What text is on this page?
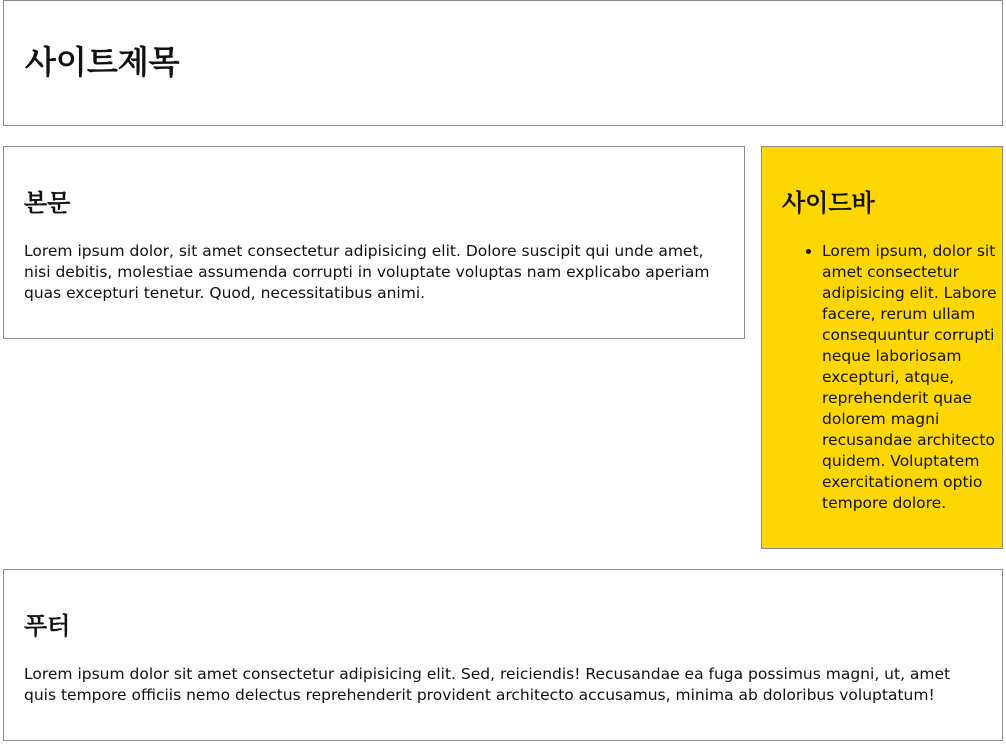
사이트제목
본문

Lorem ipsum dolor, sit amet consectetur adipisicing elit. Dolore suscipit qui unde amet, nisi debitis, molestiae assumenda corrupti in voluptate voluptas nam explicabo aperiam quas excepturi tenetur. Quod, necessitatibus animi.

사이드바
• Lorem ipsum, dolor sit amet consectetur adipisicing elit. Labore facere, rerum ullam consequuntur corrupti neque laboriosam excepturi, atque, reprehenderit quae dolorem magni recusandae architecto quidem. Voluptatem exercitationem optio tempore dolore.
푸터

Lorem ipsum dolor sit amet consectetur adipisicing elit. Sed, reiciendis! Recusandae ea fuga possimus magni, ut, amet quis tempore officiis nemo delectus reprehenderit provident architecto accusamus, minima ab doloribus voluptatum!
